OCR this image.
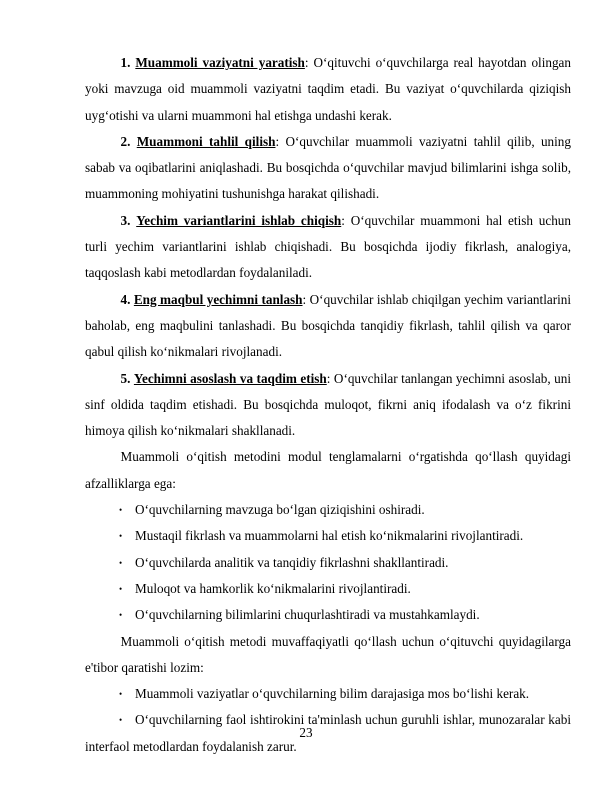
1. Muammoli vaziyatni yaratish: O‘qituvchi o‘quvchilarga real hayotdan olingan yoki mavzuga oid muammoli vaziyatni taqdim etadi. Bu vaziyat o‘quvchilarda qiziqish uyg‘otishi va ularni muammoni hal etishga undashi kerak.

2. Muammoni tahlil qilish: O‘quvchilar muammoli vaziyatni tahlil qilib, uning sabab va oqibatlarini aniqlashadi. Bu bosqichda o‘quvchilar mavjud bilimlarini ishga solib, muammoning mohiyatini tushunishga harakat qilishadi.

3. Yechim variantlarini ishlab chiqish: O‘quvchilar muammoni hal etish uchun turli yechim variantlarini ishlab chiqishadi. Bu bosqichda ijodiy fikrlash, analogiya, taqqoslash kabi metodlardan foydalaniladi.

4. Eng maqbul yechimni tanlash: O‘quvchilar ishlab chiqilgan yechim variantlarini baholab, eng maqbulini tanlashadi. Bu bosqichda tanqidiy fikrlash, tahlil qilish va qaror qabul qilish ko‘nikmalari rivojlanadi.

5. Yechimni asoslash va taqdim etish: O‘quvchilar tanlangan yechimni asoslab, uni sinf oldida taqdim etishadi. Bu bosqichda muloqot, fikrni aniq ifodalash va o‘z fikrini himoya qilish ko‘nikmalari shakllanadi.

Muammoli o‘qitish metodini modul tenglamalarni o‘rgatishda qo‘llash quyidagi afzalliklarga ega:

• O‘quvchilarning mavzuga bo‘lgan qiziqishini oshiradi.
• Mustaqil fikrlash va muammolarni hal etish ko‘nikmalarini rivojlantiradi.
• O‘quvchilarda analitik va tanqidiy fikrlashni shakllantiradi.
• Muloqot va hamkorlik ko‘nikmalarini rivojlantiradi.
• O‘quvchilarning bilimlarini chuqurlashtiradi va mustahkamlaydi.

Muammoli o‘qitish metodi muvaffaqiyatli qo‘llash uchun o‘qituvchi quyidagilarga e'tibor qaratishi lozim:

• Muammoli vaziyatlar o‘quvchilarning bilim darajasiga mos bo‘lishi kerak.
• O‘quvchilarning faol ishtirokini ta'minlash uchun guruhli ishlar, munozaralar kabi interfaol metodlardan foydalanish zarur.
23
